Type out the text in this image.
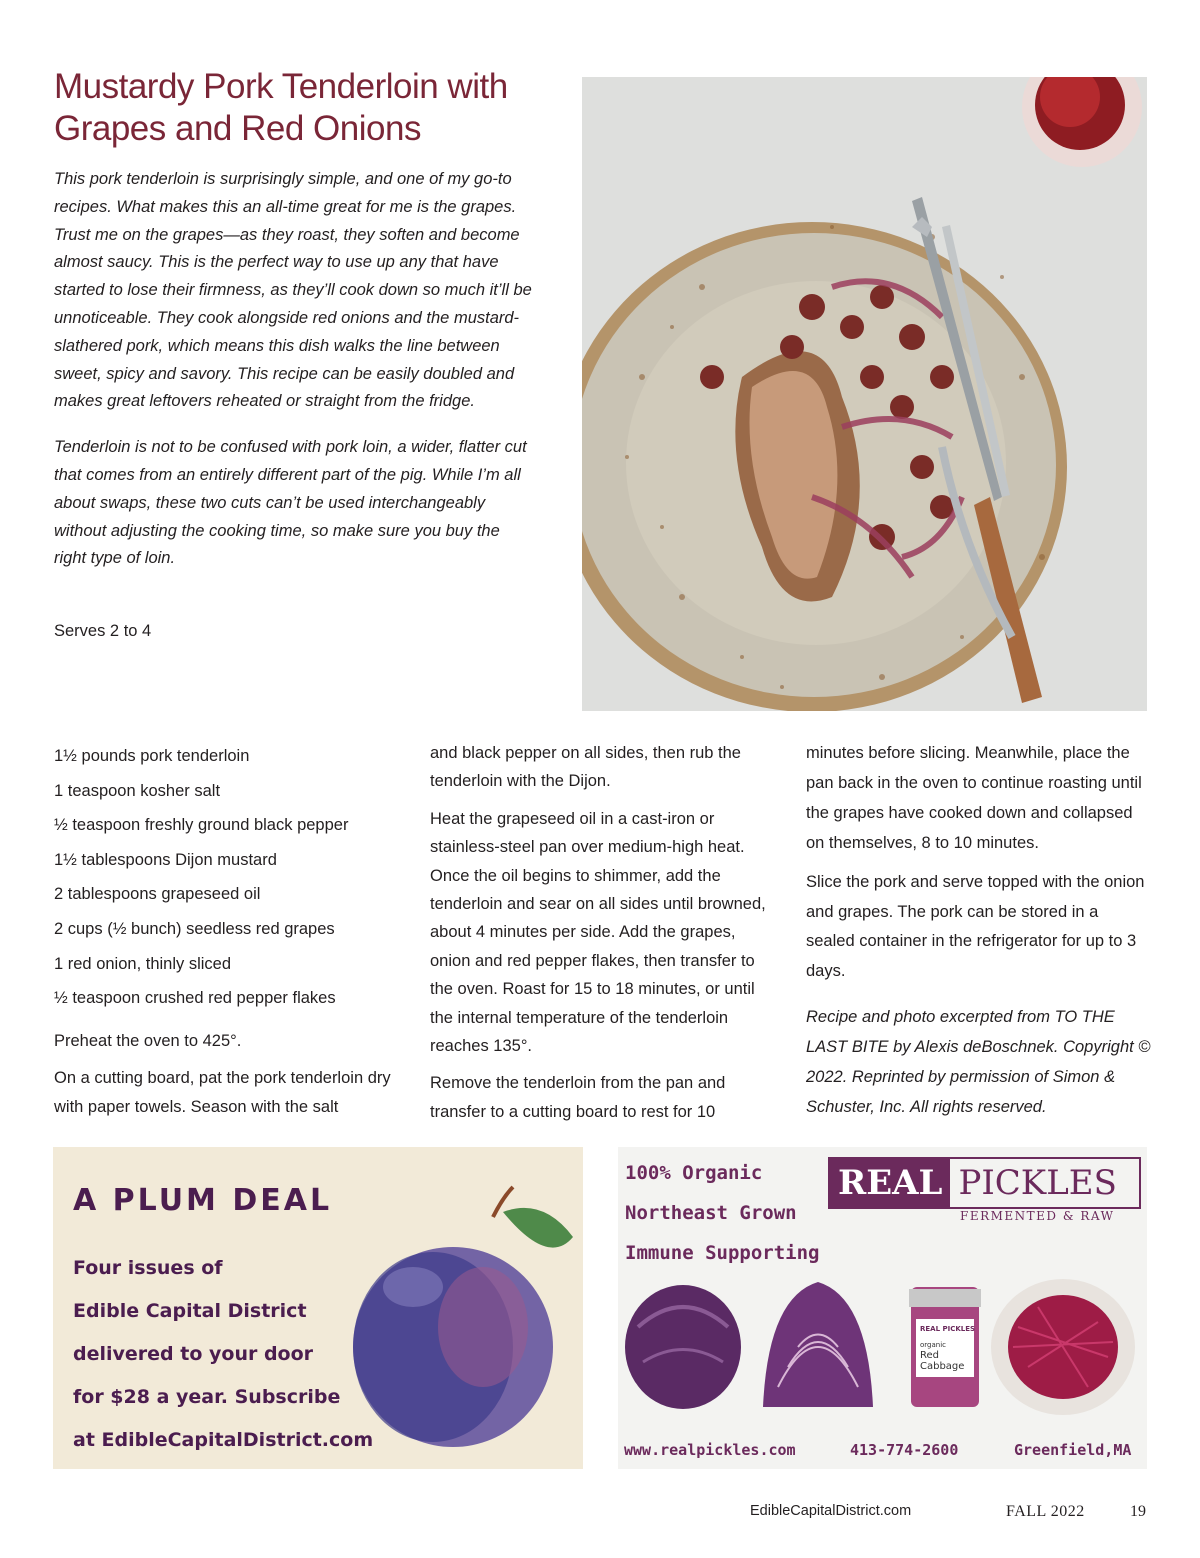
Mustardy Pork Tenderloin with
Grapes and Red Onions

This pork tenderloin is surprisingly simple, and one of my go-to recipes. What makes this an all-time great for me is the grapes. Trust me on the grapes—as they roast, they soften and become almost saucy. This is the perfect way to use up any that have started to lose their firmness, as they’ll cook down so much it’ll be unnoticeable. They cook alongside red onions and the mustard-slathered pork, which means this dish walks the line between sweet, spicy and savory. This recipe can be easily doubled and makes great leftovers reheated or straight from the fridge.

Tenderloin is not to be confused with pork loin, a wider, flatter cut that comes from an entirely different part of the pig. While I’m all about swaps, these two cuts can’t be used interchangeably without adjusting the cooking time, so make sure you buy the right type of loin.

Serves 2 to 4

1½ pounds pork tenderloin

1 teaspoon kosher salt

½ teaspoon freshly ground black pepper

1½ tablespoons Dijon mustard

2 tablespoons grapeseed oil

2 cups (½ bunch) seedless red grapes

1 red onion, thinly sliced

½ teaspoon crushed red pepper flakes

Preheat the oven to 425°.

On a cutting board, pat the pork tenderloin dry with paper towels. Season with the salt

and black pepper on all sides, then rub the tenderloin with the Dijon.

Heat the grapeseed oil in a cast-iron or stainless-steel pan over medium-high heat. Once the oil begins to shimmer, add the tenderloin and sear on all sides until browned, about 4 minutes per side. Add the grapes, onion and red pepper flakes, then transfer to the oven. Roast for 15 to 18 minutes, or until the internal temperature of the tenderloin reaches 135°.

Remove the tenderloin from the pan and transfer to a cutting board to rest for 10

minutes before slicing. Meanwhile, place the pan back in the oven to continue roasting until the grapes have cooked down and collapsed on themselves, 8 to 10 minutes.

Slice the pork and serve topped with the onion and grapes. The pork can be stored in a sealed container in the refrigerator for up to 3 days.

Recipe and photo excerpted from TO THE LAST BITE by Alexis deBoschnek. Copyright © 2022. Reprinted by permission of Simon & Schuster, Inc. All rights reserved.

A PLUM DEAL
Four issues of
Edible Capital District
delivered to your door
for $28 a year. Subscribe
at EdibleCapitalDistrict.com
100% Organic
Northeast Grown
Immune Supporting
REAL PICKLES
FERMENTED & RAW
REAL PICKLES
organic
Red
Cabbage
www.realpickles.com	413-774-2600	Greenfield,MA
EdibleCapitalDistrict.com	FALL 2022	19
